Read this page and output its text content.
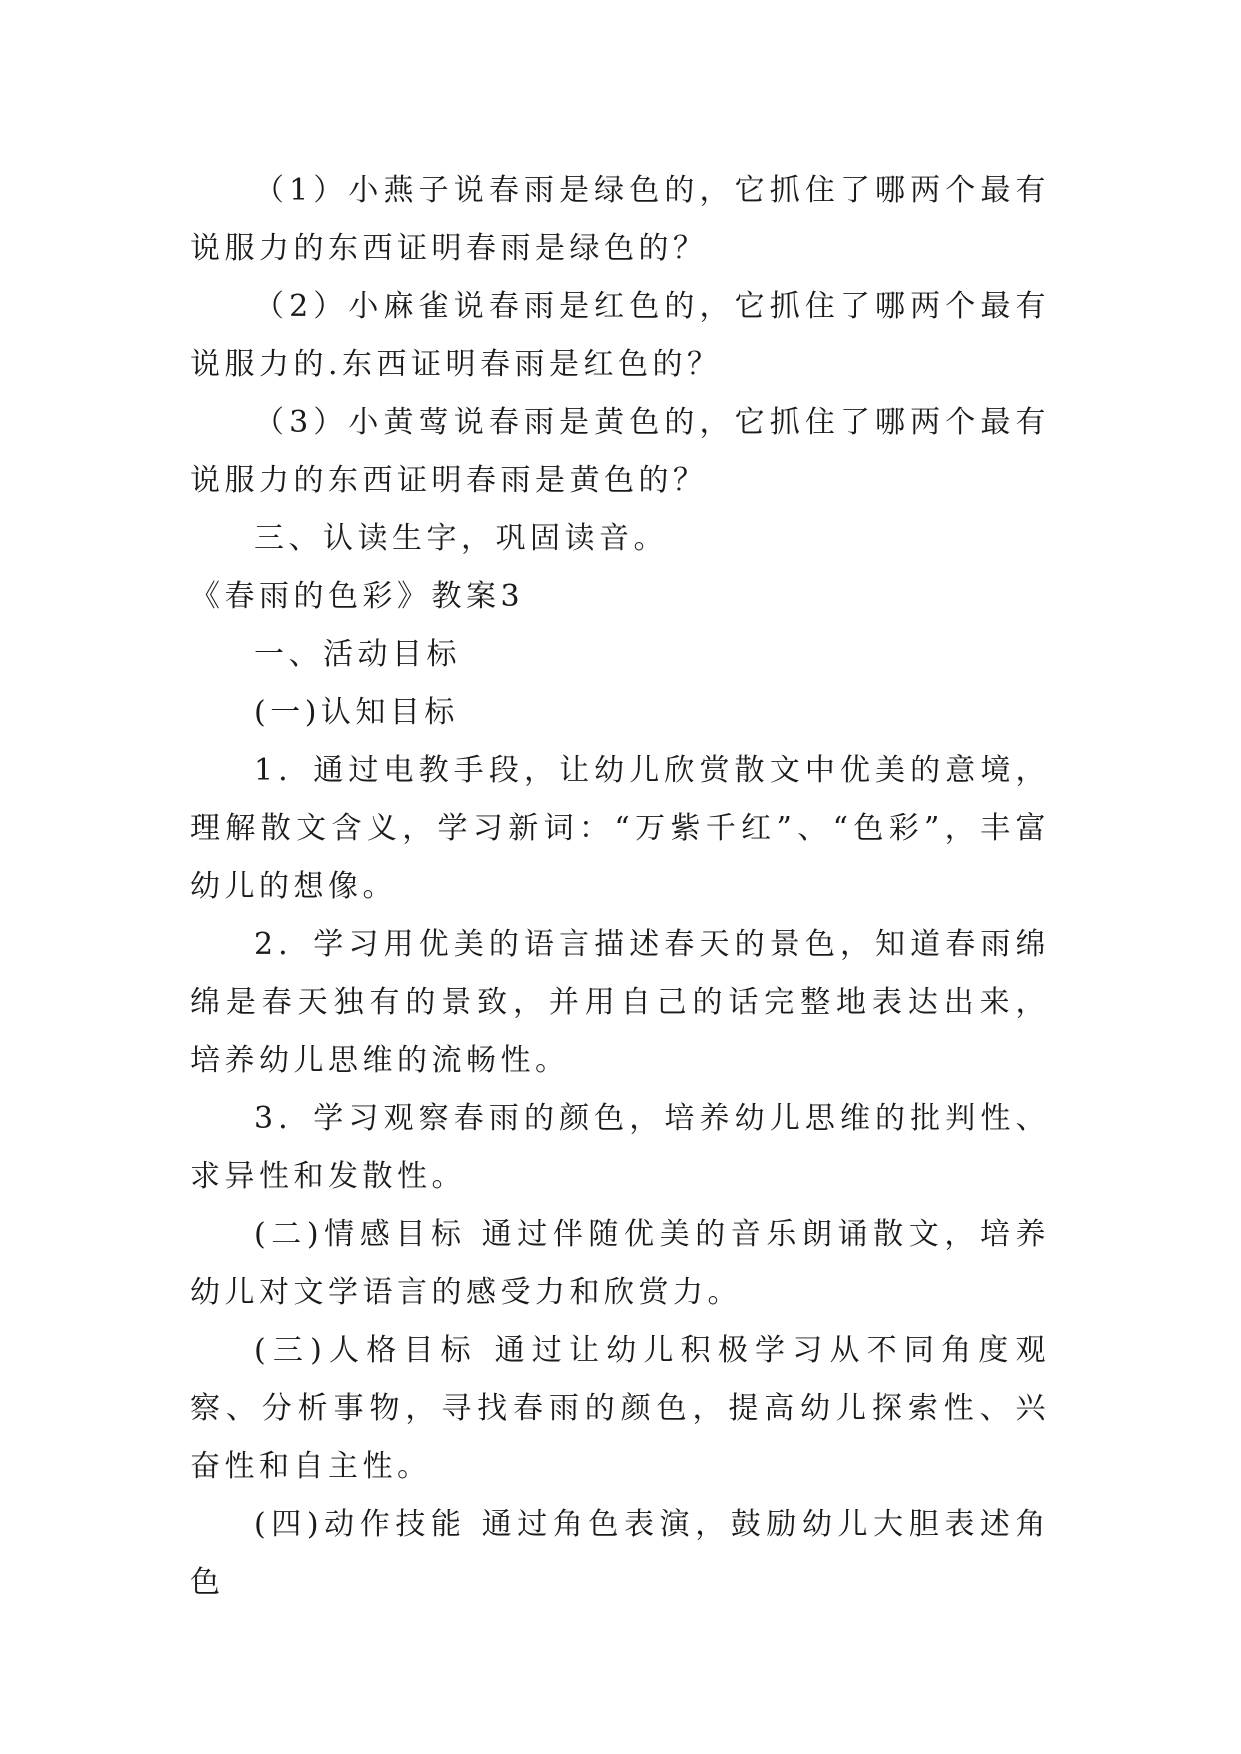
（1）小燕子说春雨是绿色的，它抓住了哪两个最有说服力的东西证明春雨是绿色的？

（2）小麻雀说春雨是红色的，它抓住了哪两个最有说服力的.东西证明春雨是红色的？

（3）小黄莺说春雨是黄色的，它抓住了哪两个最有说服力的东西证明春雨是黄色的？

三、认读生字，巩固读音。

《春雨的色彩》教案3

一、活动目标

(一)认知目标

1．通过电教手段，让幼儿欣赏散文中优美的意境，理解散文含义，学习新词：“万紫千红”、“色彩”，丰富幼儿的想像。

2．学习用优美的语言描述春天的景色，知道春雨绵绵是春天独有的景致，并用自己的话完整地表达出来，培养幼儿思维的流畅性。

3．学习观察春雨的颜色，培养幼儿思维的批判性、求异性和发散性。

(二)情感目标 通过伴随优美的音乐朗诵散文，培养幼儿对文学语言的感受力和欣赏力。

(三)人格目标 通过让幼儿积极学习从不同角度观察、分析事物，寻找春雨的颜色，提高幼儿探索性、兴奋性和自主性。

(四)动作技能 通过角色表演，鼓励幼儿大胆表述角色
